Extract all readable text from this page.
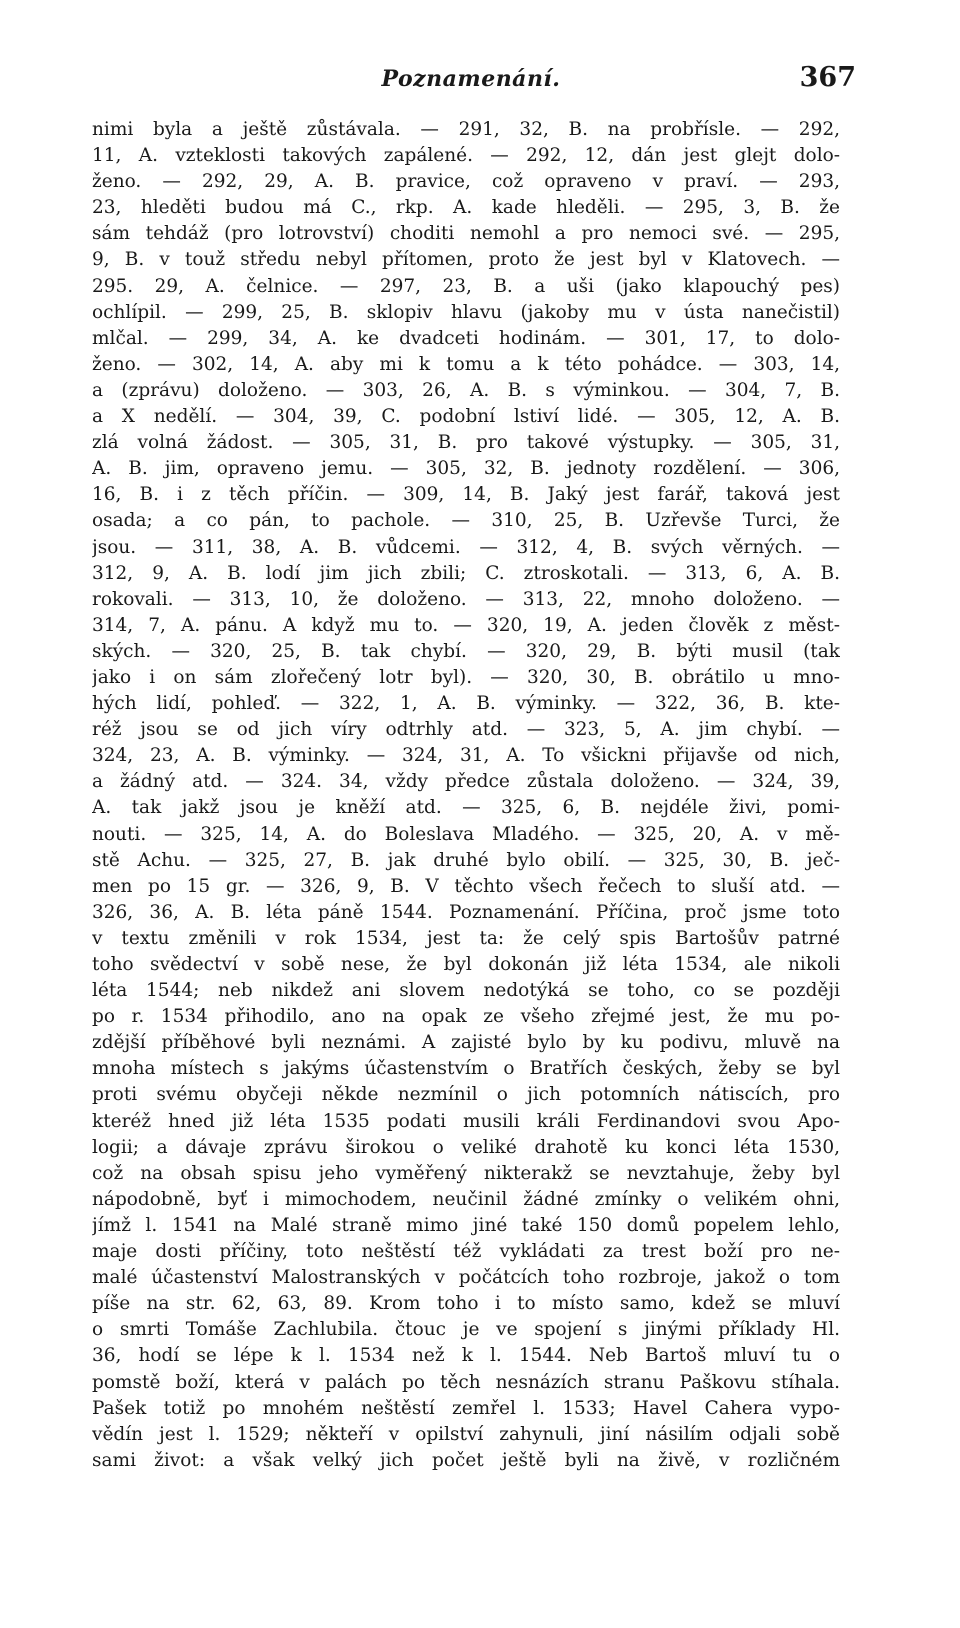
Poznamenání.	367
nimi byla a ještě zůstávala. — 291, 32, B. na probřísle. — 292,
11, A. vzteklosti takových zapálené. — 292, 12, dán jest glejt dolo-
ženo. — 292, 29, A. B. pravice, což opraveno v praví. — 293,
23, hleděti budou má C., rkp. A. kade hleděli. — 295, 3, B. že
sám tehdáž (pro lotrovství) choditi nemohl a pro nemoci své. — 295,
9, B. v touž středu nebyl přítomen, proto že jest byl v Klatovech. —
295. 29, A. čelnice. — 297, 23, B. a uši (jako klapouchý pes)
ochlípil. — 299, 25, B. sklopiv hlavu (jakoby mu v ústa nanečistil)
mlčal. — 299, 34, A. ke dvadceti hodinám. — 301, 17, to dolo-
ženo. — 302, 14, A. aby mi k tomu a k této pohádce. — 303, 14,
a (zprávu) doloženo. — 303, 26, A. B. s výminkou. — 304, 7, B.
a X nedělí. — 304, 39, C. podobní lstiví lidé. — 305, 12, A. B.
zlá volná žádost. — 305, 31, B. pro takové výstupky. — 305, 31,
A. B. jim, opraveno jemu. — 305, 32, B. jednoty rozdělení. — 306,
16, B. i z těch příčin. — 309, 14, B. Jaký jest farář, taková jest
osada; a co pán, to pachole. — 310, 25, B. Uzřevše Turci, že
jsou. — 311, 38, A. B. vůdcemi. — 312, 4, B. svých věrných. —
312, 9, A. B. lodí jim jich zbili; C. ztroskotali. — 313, 6, A. B.
rokovali. — 313, 10, že doloženo. — 313, 22, mnoho doloženo. —
314, 7, A. pánu. A když mu to. — 320, 19, A. jeden člověk z měst-
ských. — 320, 25, B. tak chybí. — 320, 29, B. býti musil (tak
jako i on sám zlořečený lotr byl). — 320, 30, B. obrátilo u mno-
hých lidí, pohleď. — 322, 1, A. B. výminky. — 322, 36, B. kte-
réž jsou se od jich víry odtrhly atd. — 323, 5, A. jim chybí. —
324, 23, A. B. výminky. — 324, 31, A. To všickni přijavše od nich,
a žádný atd. — 324. 34, vždy předce zůstala doloženo. — 324, 39,
A. tak jakž jsou je kněží atd. — 325, 6, B. nejdéle živi, pomi-
nouti. — 325, 14, A. do Boleslava Mladého. — 325, 20, A. v mě-
stě Achu. — 325, 27, B. jak druhé bylo obilí. — 325, 30, B. ječ-
men po 15 gr. — 326, 9, B. V těchto všech řečech to sluší atd. —
326, 36, A. B. léta páně 1544. Poznamenání. Příčina, proč jsme toto
v textu změnili v rok 1534, jest ta: že celý spis Bartošův patrné
toho svědectví v sobě nese, že byl dokonán již léta 1534, ale nikoli
léta 1544; neb nikdež ani slovem nedotýká se toho, co se později
po r. 1534 přihodilo, ano na opak ze všeho zřejmé jest, že mu po-
zdější příběhové byli neznámi. A zajisté bylo by ku podivu, mluvě na
mnoha místech s jakýms účastenstvím o Bratřích českých, žeby se byl
proti svému obyčeji někde nezmínil o jich potomních nátiscích, pro
kteréž hned již léta 1535 podati musili králi Ferdinandovi svou Apo-
logii; a dávaje zprávu širokou o veliké drahotě ku konci léta 1530,
což na obsah spisu jeho vyměřený nikterakž se nevztahuje, žeby byl
nápodobně, byť i mimochodem, neučinil žádné zmínky o velikém ohni,
jímž l. 1541 na Malé straně mimo jiné také 150 domů popelem lehlo,
maje dosti příčiny, toto neštěstí též vykládati za trest boží pro ne-
malé účastenství Malostranských v počátcích toho rozbroje, jakož o tom
píše na str. 62, 63, 89. Krom toho i to místo samo, kdež se mluví
o smrti Tomáše Zachlubila. čtouc je ve spojení s jinými příklady Hl.
36, hodí se lépe k l. 1534 než k l. 1544. Neb Bartoš mluví tu o
pomstě boží, která v palách po těch nesnázích stranu Paškovu stíhala.
Pašek totiž po mnohém neštěstí zemřel l. 1533; Havel Cahera vypo-
vědín jest l. 1529; někteří v opilství zahynuli, jiní násilím odjali sobě
sami život: a však velký jich počet ještě byli na živě, v rozličném
